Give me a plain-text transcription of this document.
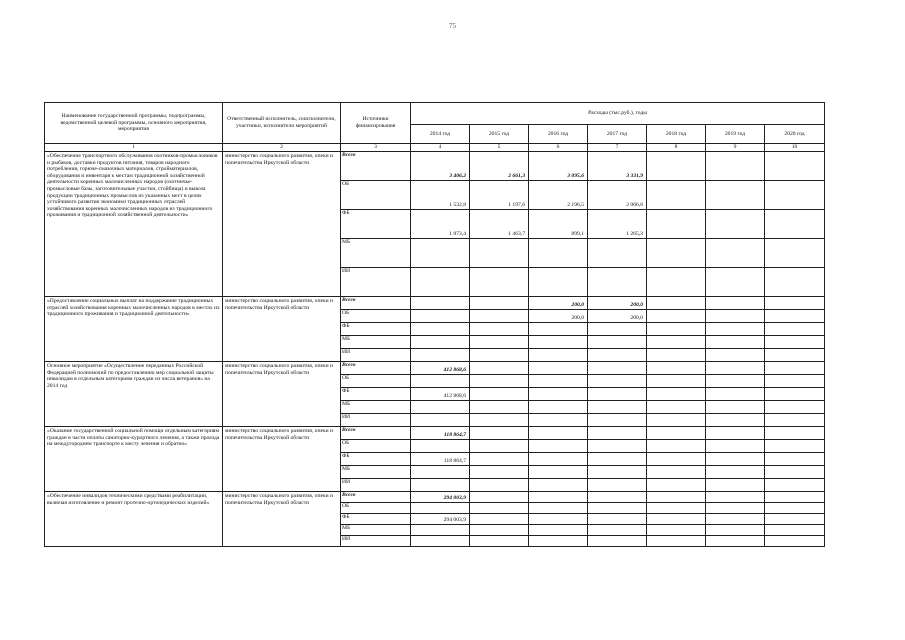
75
Наименование государственной программы, подпрограммы, ведомственной целевой программы, основного мероприятия, мероприятия	Ответственный исполнитель, соисполнители, участники, исполнители мероприятий	Источники финансирования	Расходы (тыс.руб.), годы						
			2014 год	2015 год	2016 год	2017 год	2018 год	2019 год	2020 год
1	2	3	4	5	6	7	8	9	10
«Обеспечение транспортного обслуживания охотников-промысловиков и рыбаков, доставки продуктов питания, товаров народного потребления, горюче-смазочных материалов, стройматериалов, оборудования и инвентаря к местам традиционной хозяйственной деятельности коренных малочисленных народов (охотничье-промысловые базы, заготовительные участки, стойбища) и вывоза продукции традиционных промыслов из указанных мест в целях устойчивого развития экономики традиционных отраслей хозяйствования коренных малочисленных народов из традиционного проживания и традиционной хозяйственной деятельности»	министерство социального развития, опеки и попечительства Иркутской области	Всего	3 406,2	2 661,3	3 095,6	3 331,9			
		ОБ	1 532,8	1 197,6	2 196,5	2 066,6			
		ФБ	1 873,4	1 463,7	899,1	1 265,3			
		МБ							
		ИИ							
«Предоставление социальных выплат на поддержание традиционных отраслей хозяйствования коренных малочисленных народов в местах их традиционного проживания и традиционной деятельности»	министерство социального развития, опеки и попечительства Иркутской области	Всего			200,0	200,0			
		ОБ			200,0	200,0			
		ФБ							
		МБ							
		ИИ							
Основное мероприятие «Осуществление переданных Российской Федерацией полномочий по предоставлению мер социальной защиты инвалидам в отдельным категориям граждан из числа ветеранов» на 2014 год	министерство социального развития, опеки и попечительства Иркутской области	Всего	412 868,6						
		ОБ							
		ФБ	412 868,6						
		МБ							
		ИИ							
«Оказание государственной социальной помощи отдельным категориям граждан в части оплаты санаторно-курортного лечения, а также проезда на междугороднем транспорте к месту лечения и обратно»	министерство социального развития, опеки и попечительства Иркутской области	Всего	118 864,7						
		ОБ							
		ФБ	118 864,7						
		МБ							
		ИИ							
«Обеспечение инвалидов техническими средствами реабилитации, включая изготовление и ремонт протезно-ортопедических изделий»	министерство социального развития, опеки и попечительства Иркутской области	Всего	294 003,9						
		ОБ							
		ФБ	294 003,9						
		МБ							
		ИИ							
